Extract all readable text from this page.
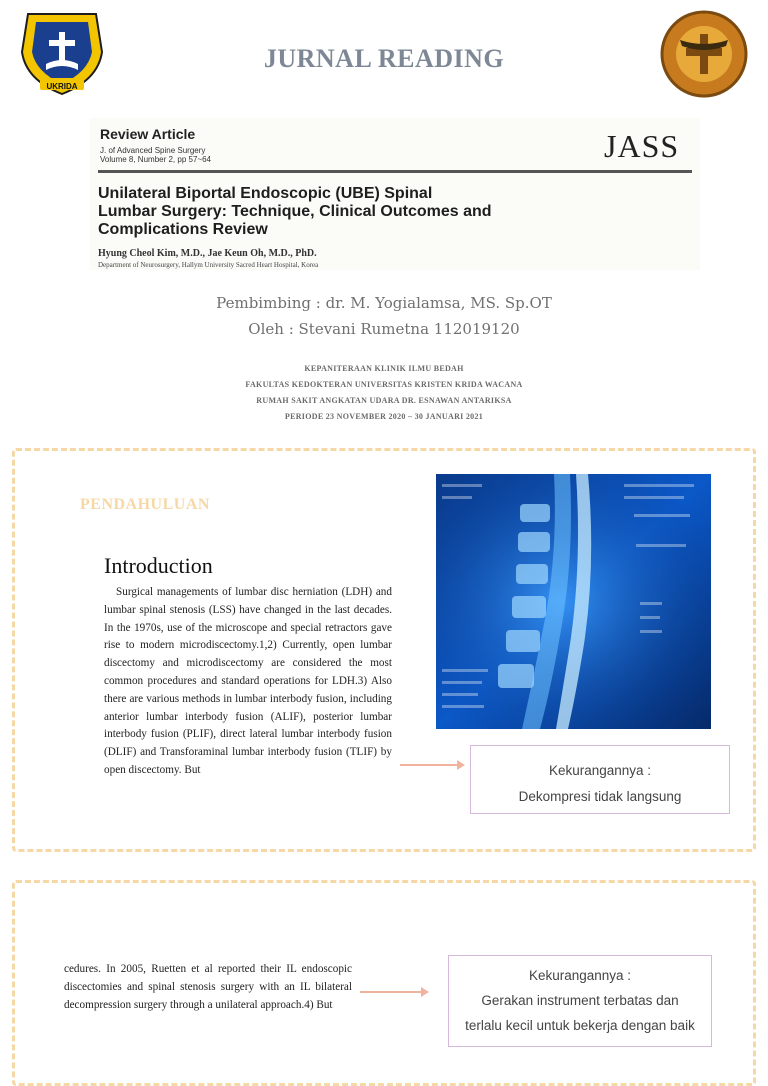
UKRIDA
JURNAL READING
Review Article
J. of Advanced Spine Surgery
Volume 8, Number 2, pp 57~64	JASS
Unilateral Biportal Endoscopic (UBE) Spinal
Lumbar Surgery: Technique, Clinical Outcomes and
Complications Review
Hyung Cheol Kim, M.D., Jae Keun Oh, M.D., PhD.
Department of Neurosurgery, Hallym University Sacred Heart Hospital, Korea
Pembimbing : dr. M. Yogialamsa, MS. Sp.OT
Oleh : Stevani Rumetna 112019120
KEPANITERAAN KLINIK ILMU BEDAH
FAKULTAS KEDOKTERAN UNIVERSITAS KRISTEN KRIDA WACANA
RUMAH SAKIT ANGKATAN UDARA DR. ESNAWAN ANTARIKSA
PERIODE 23 NOVEMBER 2020 – 30 JANUARI 2021
PENDAHULUAN
Introduction

Surgical managements of lumbar disc herniation (LDH) and lumbar spinal stenosis (LSS) have changed in the last decades. In the 1970s, use of the microscope and special retractors gave rise to modern microdiscectomy.1,2) Currently, open lumbar discectomy and microdiscectomy are considered the most common procedures and standard operations for LDH.3) Also there are various methods in lumbar interbody fusion, including anterior lumbar interbody fusion (ALIF), posterior lumbar interbody fusion (PLIF), direct lateral lumbar interbody fusion (DLIF) and Transforaminal lumbar interbody fusion (TLIF) by open discectomy. But	Kekurangannya :
Dekompresi tidak langsung

cedures. In 2005, Ruetten et al reported their IL endoscopic discectomies and spinal stenosis surgery with an IL bilateral decompression surgery through a unilateral approach.4) But

Kekurangannya :
Gerakan instrument terbatas dan
terlalu kecil untuk bekerja dengan baik
